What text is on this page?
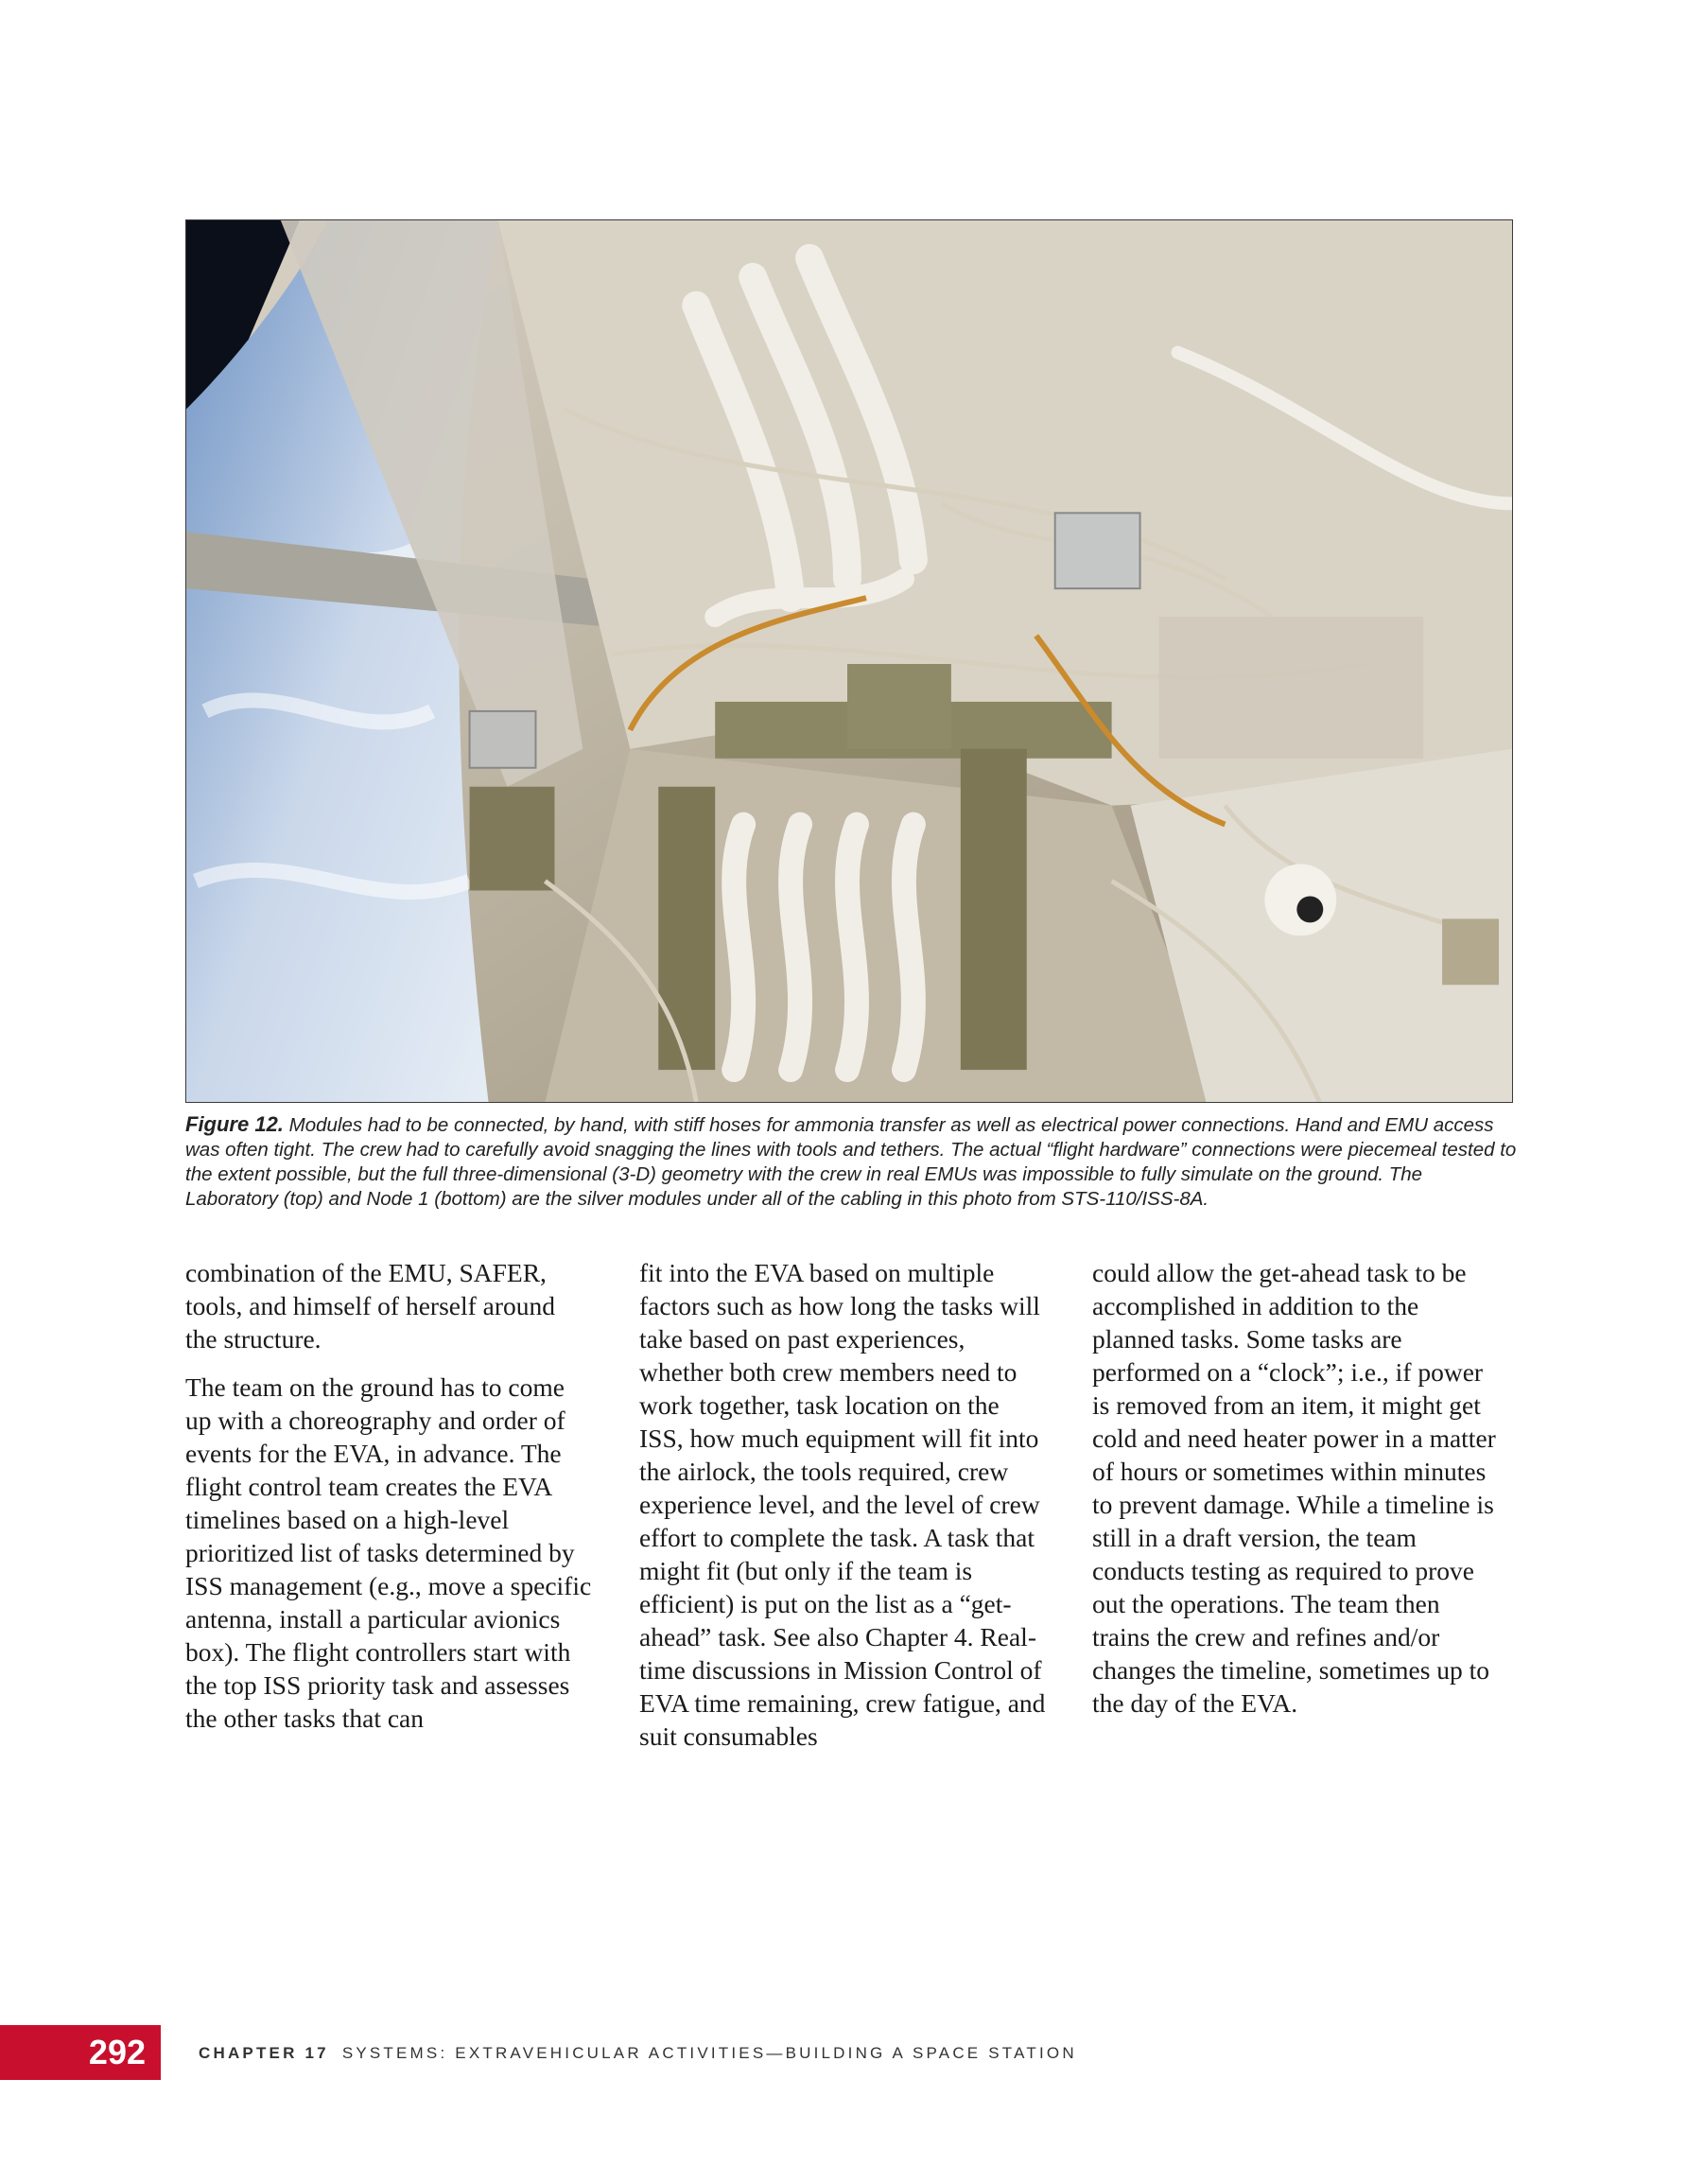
Figure 12. Modules had to be connected, by hand, with stiff hoses for ammonia transfer as well as electrical power connections. Hand and EMU access was often tight. The crew had to carefully avoid snagging the lines with tools and tethers. The actual “flight hardware” connections were piecemeal tested to the extent possible, but the full three-dimensional (3-D) geometry with the crew in real EMUs was impossible to fully simulate on the ground. The Laboratory (top) and Node 1 (bottom) are the silver modules under all of the cabling in this photo from STS-110/ISS-8A.

combination of the EMU, SAFER, tools, and himself of herself around the structure.

The team on the ground has to come up with a choreography and order of events for the EVA, in advance. The flight control team creates the EVA timelines based on a high-level prioritized list of tasks determined by ISS management (e.g., move a specific antenna, install a particular avionics box). The flight controllers start with the top ISS priority task and assesses the other tasks that can

fit into the EVA based on multiple factors such as how long the tasks will take based on past experiences, whether both crew members need to work together, task location on the ISS, how much equipment will fit into the airlock, the tools required, crew experience level, and the level of crew effort to complete the task. A task that might fit (but only if the team is efficient) is put on the list as a “get-ahead” task. See also Chapter 4. Real-time discussions in Mission Control of EVA time remaining, crew fatigue, and suit consumables

could allow the get-ahead task to be accomplished in addition to the planned tasks. Some tasks are performed on a “clock”; i.e., if power is removed from an item, it might get cold and need heater power in a matter of hours or sometimes within minutes to prevent damage. While a timeline is still in a draft version, the team conducts testing as required to prove out the operations. The team then trains the crew and refines and/or changes the timeline, sometimes up to the day of the EVA.

292	CHAPTER 17 SYSTEMS: EXTRAVEHICULAR ACTIVITIES—BUILDING A SPACE STATION
